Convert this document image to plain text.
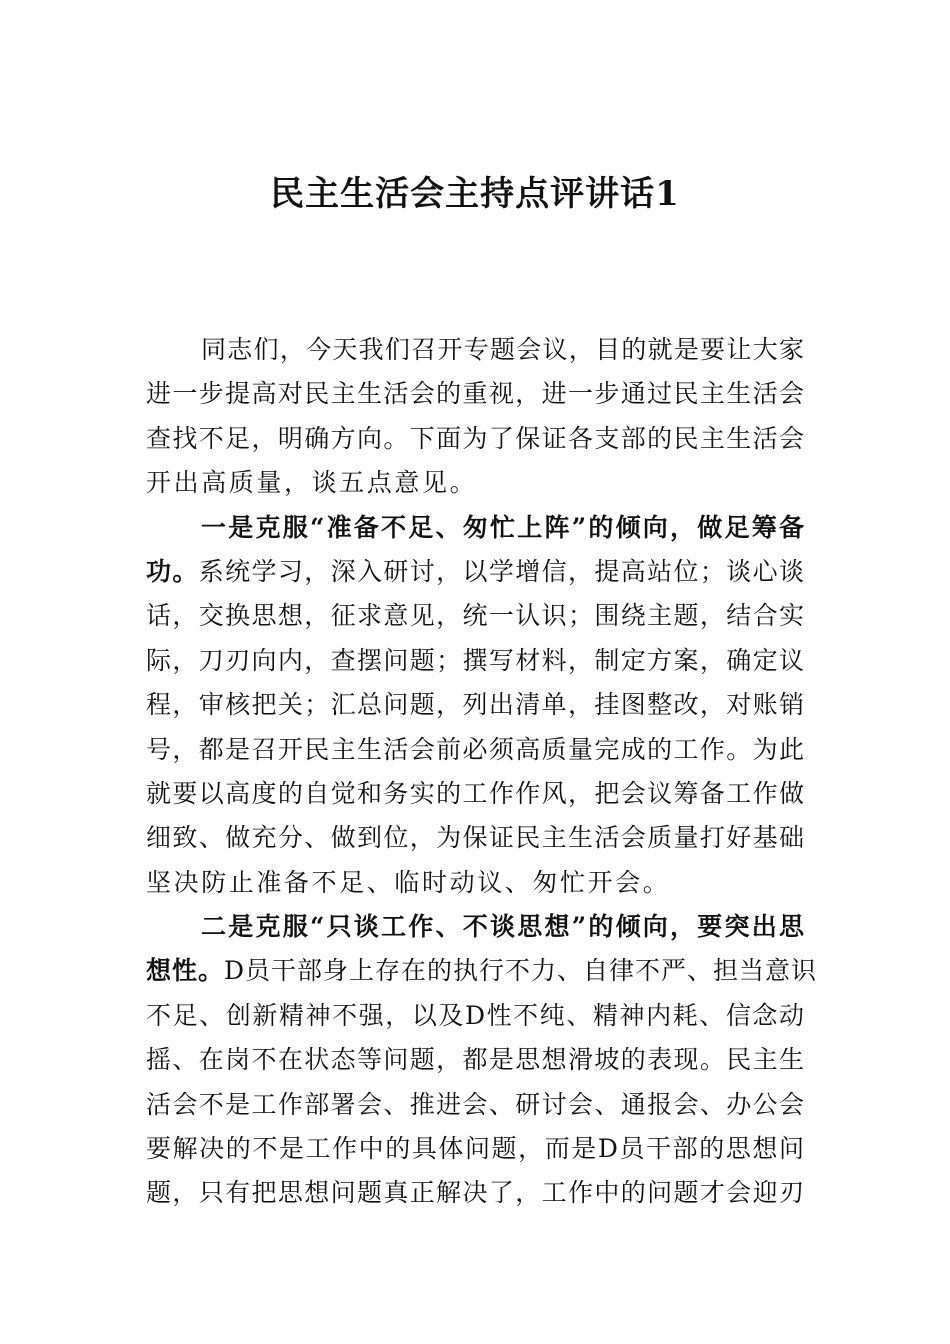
民主生活会主持点评讲话1
同志们，今天我们召开专题会议，目的就是要让大家
进一步提高对民主生活会的重视，进一步通过民主生活会
查找不足，明确方向。下面为了保证各支部的民主生活会
开出高质量，谈五点意见。
一是克服“准备不足、匆忙上阵”的倾向，做足筹备
功。系统学习，深入研讨，以学增信，提高站位；谈心谈
话，交换思想，征求意见，统一认识；围绕主题，结合实
际，刀刃向内，查摆问题；撰写材料，制定方案，确定议
程，审核把关；汇总问题，列出清单，挂图整改，对账销
号，都是召开民主生活会前必须高质量完成的工作。为此
就要以高度的自觉和务实的工作作风，把会议筹备工作做
细致、做充分、做到位，为保证民主生活会质量打好基础
坚决防止准备不足、临时动议、匆忙开会。
二是克服“只谈工作、不谈思想”的倾向，要突出思
想性。D员干部身上存在的执行不力、自律不严、担当意识
不足、创新精神不强，以及D性不纯、精神内耗、信念动
摇、在岗不在状态等问题，都是思想滑坡的表现。民主生
活会不是工作部署会、推进会、研讨会、通报会、办公会
要解决的不是工作中的具体问题，而是D员干部的思想问
题，只有把思想问题真正解决了，工作中的问题才会迎刃
